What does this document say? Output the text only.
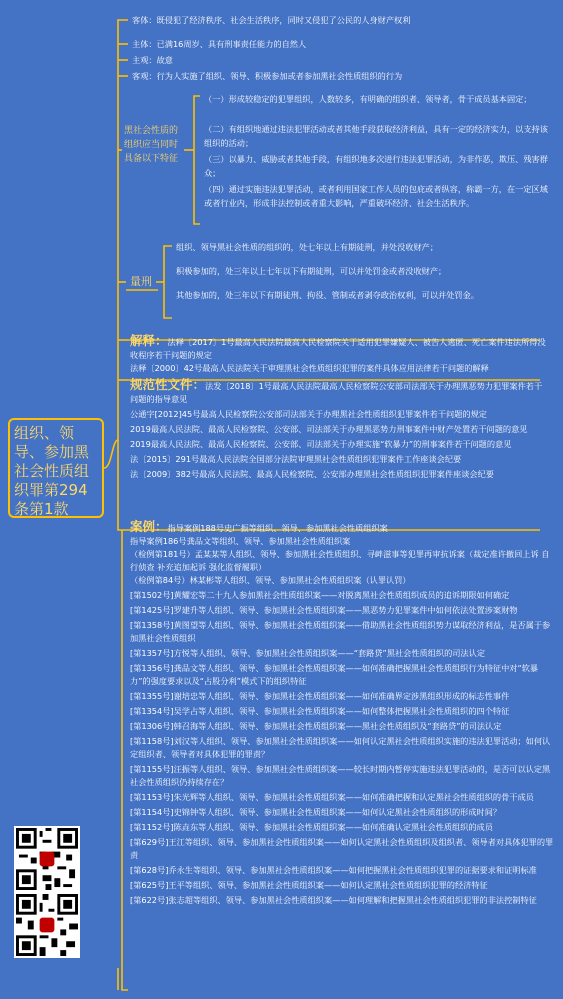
组织、领导、参加黑社会性质组织罪第294条第1款
客体：既侵犯了经济秩序、社会生活秩序，同时又侵犯了公民的人身财产权利
主体：已满16周岁、具有刑事责任能力的自然人
主观：故意
客观：行为人实施了组织、领导、积极参加或者参加黑社会性质组织的行为
黑社会性质的组织应当同时具备以下特征
（一）形成较稳定的犯罪组织，人数较多，有明确的组织者、领导者，骨干成员基本固定；
（二）有组织地通过违法犯罪活动或者其他手段获取经济利益，具有一定的经济实力，以支持该组织的活动；
（三）以暴力、威胁或者其他手段，有组织地多次进行违法犯罪活动，为非作恶，欺压、残害群众；
（四）通过实施违法犯罪活动，或者利用国家工作人员的包庇或者纵容，称霸一方，在一定区域或者行业内，形成非法控制或者重大影响，严重破坏经济、社会生活秩序。
量刑
组织、领导黑社会性质的组织的，处七年以上有期徒刑，并处没收财产；
积极参加的，处三年以上七年以下有期徒刑，可以并处罚金或者没收财产；
其他参加的，处三年以下有期徒刑、拘役、管制或者剥夺政治权利，可以并处罚金。
解释：法释〔2017〕1号最高人民法院最高人民检察院关于适用犯罪嫌疑人、被告人逃匿、死亡案件违法所得没收程序若干问题的规定
法释〔2000〕42号最高人民法院关于审理黑社会性质组织犯罪的案件具体应用法律若干问题的解释
规范性文件：法发〔2018〕1号最高人民法院最高人民检察院公安部司法部关于办理黑恶势力犯罪案件若干问题的指导意见
公通字[2012]45号最高人民检察院公安部司法部关于办理黑社会性质组织犯罪案件若干问题的规定
2019最高人民法院、最高人民检察院、公安部、司法部关于办理黑恶势力刑事案件中财产处置若干问题的意见
2019最高人民法院、最高人民检察院、公安部、司法部关于办理实施“软暴力”的刑事案件若干问题的意见
法〔2015〕291号最高人民法院全国部分法院审理黑社会性质组织犯罪案件工作座谈会纪要
法〔2009〕382号最高人民法院、最高人民检察院、公安部办理黑社会性质组织犯罪案件座谈会纪要
案例：指导案例188号史广振等组织、领导、参加黑社会性质组织案
指导案例186号龚品文等组织、领导、参加黑社会性质组织案
（检例第181号）孟某某等人组织、领导、参加黑社会性质组织、寻衅滋事等犯罪再审抗诉案（裁定准许撤回上诉 自行侦查 补充追加起诉 强化监督履职）
（检例第84号）林某彬等人组织、领导、参加黑社会性质组织案（认罪认罚）
[第1502号]黄耀宏等二十九人参加黑社会性质组织案——对脱离黑社会性质组织成员的追诉期限如何确定
[第1425号]罗建升等人组织、领导、参加黑社会性质组织案——黑恶势力犯罪案件中如何依法处置涉案财物
[第1358号]黄图望等人组织、领导、参加黑社会性质组织案——借助黑社会性质组织势力谋取经济利益，是否属于参加黑社会性质组织
[第1357号]方悦等人组织、领导、参加黑社会性质组织案——“套路贷”黑社会性质组织的司法认定
[第1356号]龚品文等人组织、领导、参加黑社会性质组织案——如何准确把握黑社会性质组织行为特征中对“软暴力”的强度要求以及“占股分利”模式下的组织特征
[第1355号]谢培忠等人组织、领导、参加黑社会性质组织案——如何准确界定涉黑组织形成的标志性事件
[第1354号]吴学占等人组织、领导、参加黑社会性质组织案——如何整体把握黑社会性质组织的四个特征
[第1306号]韩召海等人组织、领导、参加黑社会性质组织案——黑社会性质组织及“套路贷”的司法认定
[第1158号]刘汉等人组织、领导、参加黑社会性质组织案——如何认定黑社会性质组织实施的违法犯罪活动；如何认定组织者、领导者对具体犯罪的罪责？
[第1155号]汪振等人组织、领导、参加黑社会性质组织案——较长时期内暂停实施违法犯罪活动的，是否可以认定黑社会性质组织仍持续存在？
[第1153号]朱光辉等人组织、领导、参加黑社会性质组织案——如何准确把握和认定黑社会性质组织的骨干成员
[第1154号]史锦钟等人组织、领导、参加黑社会性质组织案——如何认定黑社会性质组织的形成时间？
[第1152号]陈垚东等人组织、领导、参加黑社会性质组织案——如何准确认定黑社会性质组织的成员
[第629号]王江等组织、领导、参加黑社会性质组织案——如何认定黑社会性质组织及组织者、领导者对具体犯罪的罪责
[第628号]乔永生等组织、领导、参加黑社会性质组织案——如何把握黑社会性质组织犯罪的证据要求和证明标准
[第625号]王平等组织、领导、参加黑社会性质组织案——如何认定黑社会性质组织犯罪的经济特征
[第622号]张志超等组织、领导、参加黑社会性质组织案——如何理解和把握黑社会性质组织犯罪的非法控制特征
